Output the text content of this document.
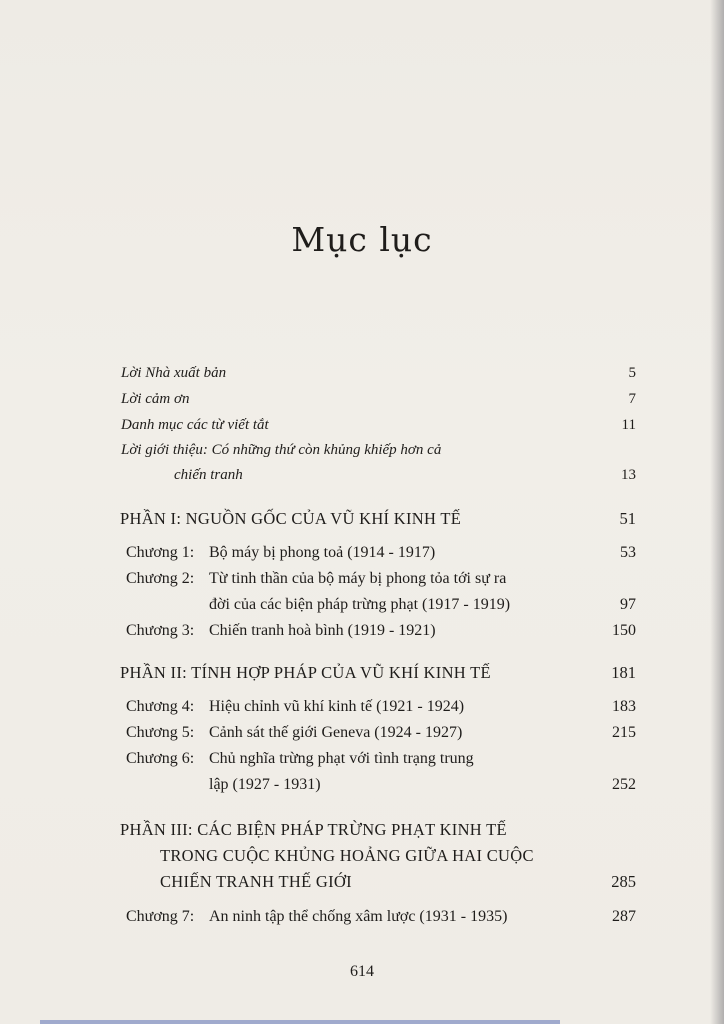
Mục lục
Lời Nhà xuất bản	5
Lời cảm ơn	7
Danh mục các từ viết tắt	11
Lời giới thiệu: Có những thứ còn khủng khiếp hơn cả
chiến tranh	13
PHẦN I: NGUỒN GỐC CỦA VŨ KHÍ KINH TẾ	51
Chương 1: Bộ máy bị phong toả (1914 - 1917)	53
Chương 2: Từ tinh thần của bộ máy bị phong tỏa tới sự ra
đời của các biện pháp trừng phạt (1917 - 1919)	97
Chương 3: Chiến tranh hoà bình (1919 - 1921)	150
PHẦN II: TÍNH HỢP PHÁP CỦA VŨ KHÍ KINH TẾ	181
Chương 4: Hiệu chỉnh vũ khí kinh tế (1921 - 1924)	183
Chương 5: Cảnh sát thế giới Geneva (1924 - 1927)	215
Chương 6: Chủ nghĩa trừng phạt với tình trạng trung
lập (1927 - 1931)	252
PHẦN III: CÁC BIỆN PHÁP TRỪNG PHẠT KINH TẾ
TRONG CUỘC KHỦNG HOẢNG GIỮA HAI CUỘC
CHIẾN TRANH THẾ GIỚI	285
Chương 7: An ninh tập thể chống xâm lược (1931 - 1935)	287
614
